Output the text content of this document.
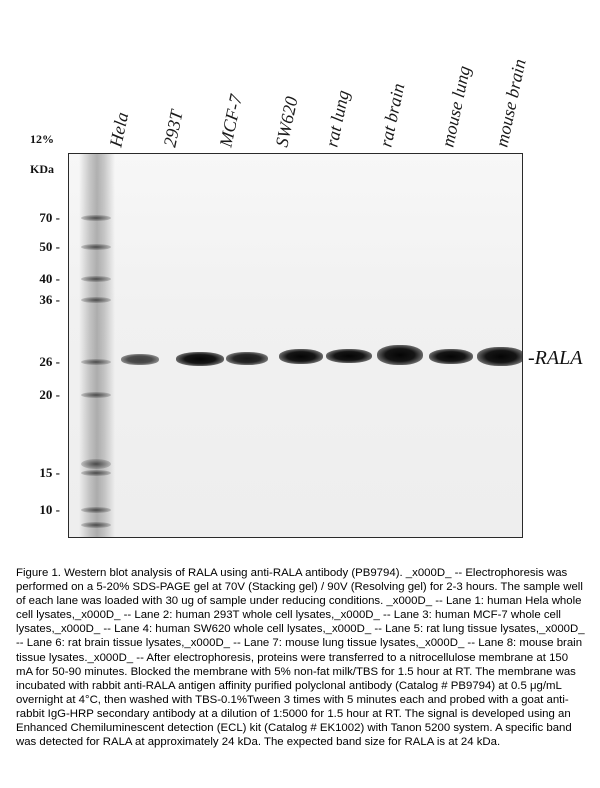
Hela 293T MCF-7 SW620 rat lung rat brain mouse lung mouse brain
12%
KDa
70 -
50 -
40 -
36 -
26 -
20 -
15 -
10 -
-RALA
Figure 1. Western blot analysis of RALA using anti-RALA antibody (PB9794). _x000D_ -- Electrophoresis was performed on a 5-20% SDS-PAGE gel at 70V (Stacking gel) / 90V (Resolving gel) for 2-3 hours. The sample well of each lane was loaded with 30 ug of sample under reducing conditions. _x000D_ -- Lane 1: human Hela whole cell lysates,_x000D_ -- Lane 2: human 293T whole cell lysates,_x000D_ -- Lane 3: human MCF-7 whole cell lysates,_x000D_ -- Lane 4: human SW620 whole cell lysates,_x000D_ -- Lane 5: rat lung tissue lysates,_x000D_ -- Lane 6: rat brain tissue lysates,_x000D_ -- Lane 7: mouse lung tissue lysates,_x000D_ -- Lane 8: mouse brain tissue lysates._x000D_ -- After electrophoresis, proteins were transferred to a nitrocellulose membrane at 150 mA for 50-90 minutes. Blocked the membrane with 5% non-fat milk/TBS for 1.5 hour at RT. The membrane was incubated with rabbit anti-RALA antigen affinity purified polyclonal antibody (Catalog # PB9794) at 0.5 μg/mL overnight at 4°C, then washed with TBS-0.1%Tween 3 times with 5 minutes each and probed with a goat anti-rabbit IgG-HRP secondary antibody at a dilution of 1:5000 for 1.5 hour at RT. The signal is developed using an Enhanced Chemiluminescent detection (ECL) kit (Catalog # EK1002) with Tanon 5200 system. A specific band was detected for RALA at approximately 24 kDa. The expected band size for RALA is at 24 kDa.
